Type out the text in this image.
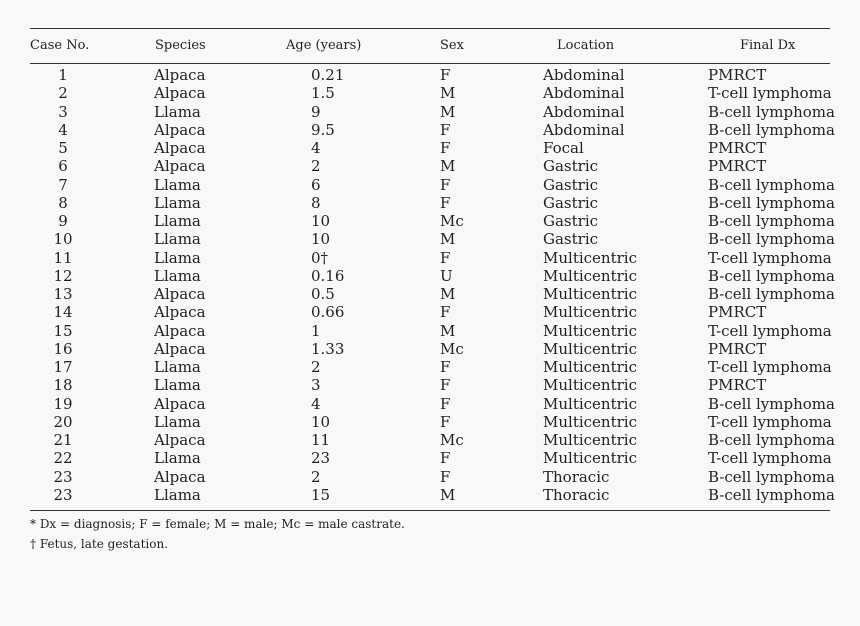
Case No.	Species	Age (years)	Sex	Location	Final Dx
1	Alpaca	0.21	F	Abdominal	PMRCT
2	Alpaca	1.5	M	Abdominal	T-cell lymphoma
3	Llama	9	M	Abdominal	B-cell lymphoma
4	Alpaca	9.5	F	Abdominal	B-cell lymphoma
5	Alpaca	4	F	Focal	PMRCT
6	Alpaca	2	M	Gastric	PMRCT
7	Llama	6	F	Gastric	B-cell lymphoma
8	Llama	8	F	Gastric	B-cell lymphoma
9	Llama	10	Mc	Gastric	B-cell lymphoma
10	Llama	10	M	Gastric	B-cell lymphoma
11	Llama	0†	F	Multicentric	T-cell lymphoma
12	Llama	0.16	U	Multicentric	B-cell lymphoma
13	Alpaca	0.5	M	Multicentric	B-cell lymphoma
14	Alpaca	0.66	F	Multicentric	PMRCT
15	Alpaca	1	M	Multicentric	T-cell lymphoma
16	Alpaca	1.33	Mc	Multicentric	PMRCT
17	Llama	2	F	Multicentric	T-cell lymphoma
18	Llama	3	F	Multicentric	PMRCT
19	Alpaca	4	F	Multicentric	B-cell lymphoma
20	Llama	10	F	Multicentric	T-cell lymphoma
21	Alpaca	11	Mc	Multicentric	B-cell lymphoma
22	Llama	23	F	Multicentric	T-cell lymphoma
23	Alpaca	2	F	Thoracic	B-cell lymphoma
23	Llama	15	M	Thoracic	B-cell lymphoma
* Dx = diagnosis; F = female; M = male; Mc = male castrate.
† Fetus, late gestation.
